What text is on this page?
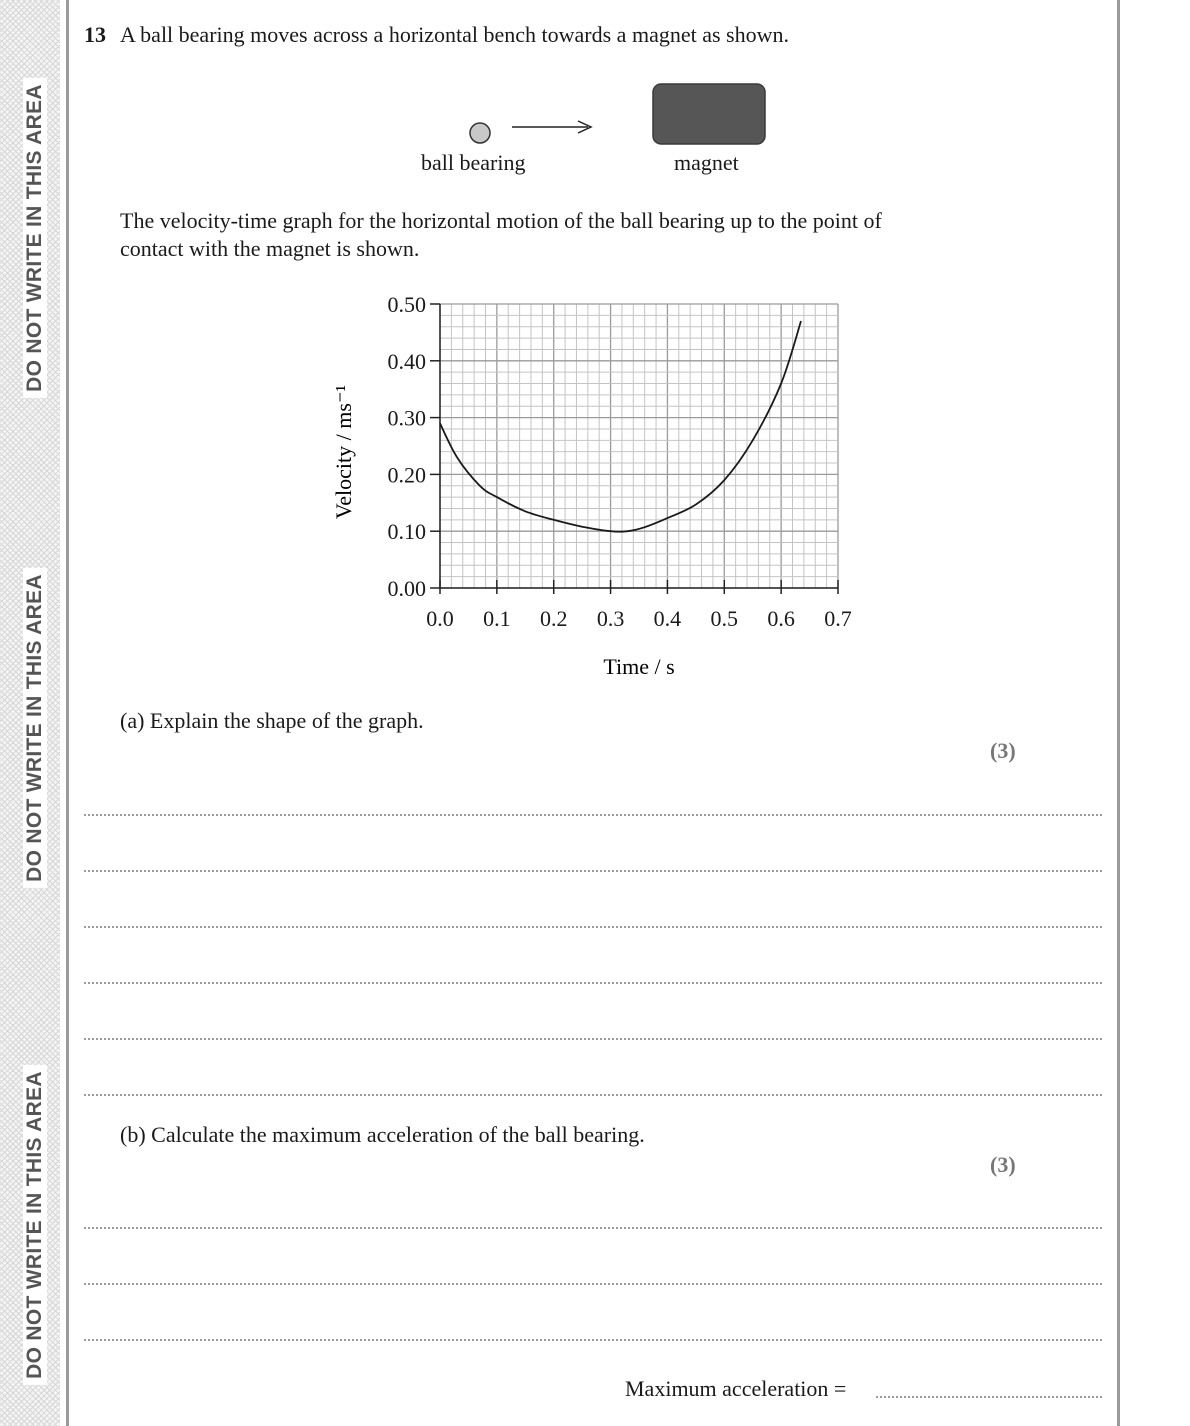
DO NOT WRITE IN THIS AREA
DO NOT WRITE IN THIS AREA
DO NOT WRITE IN THIS AREA
13 A ball bearing moves across a horizontal bench towards a magnet as shown.
ball bearing	magnet
The velocity-time graph for the horizontal motion of the ball bearing up to the point of
contact with the magnet is shown.
0.0 0.1 0.2 0.3 0.4 0.5 0.6 0.7
0.00
0.10
0.20
0.30
0.40
0.50
Time / s
Velocity / ms⁻¹
(a) Explain the shape of the graph.
(3)
(b) Calculate the maximum acceleration of the ball bearing.
(3)
Maximum acceleration =
